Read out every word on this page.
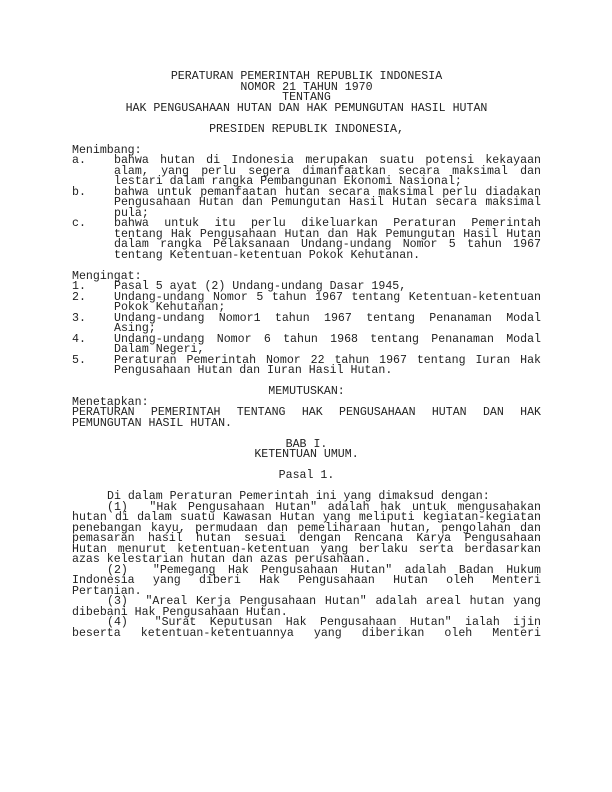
PERATURAN PEMERINTAH REPUBLIK INDONESIA
NOMOR 21 TAHUN 1970
TENTANG
HAK PENGUSAHAAN HUTAN DAN HAK PEMUNGUTAN HASIL HUTAN
PRESIDEN REPUBLIK INDONESIA,
Menimbang:
a.	bahwa hutan di Indonesia merupakan suatu potensi kekayaan
alam, yang perlu segera dimanfaatkan secara maksimal dan
lestari dalam rangka Pembangunan Ekonomi Nasional;
b.	bahwa untuk pemanfaatan hutan secara maksimal perlu diadakan
Pengusahaan Hutan dan Pemungutan Hasil Hutan secara maksimal
pula;
c.	bahwa untuk itu perlu dikeluarkan Peraturan Pemerintah
tentang Hak Pengusahaan Hutan dan Hak Pemungutan Hasil Hutan
dalam rangka Pelaksanaan Undang-undang Nomor 5 tahun 1967
tentang Ketentuan-ketentuan Pokok Kehutanan.
Mengingat:
1.	Pasal 5 ayat (2) Undang-undang Dasar 1945,
2.	Undang-undang Nomor 5 tahun 1967 tentang Ketentuan-ketentuan
Pokok Kehutanan;
3.	Undang-undang Nomor1 tahun 1967 tentang Penanaman Modal
Asing;
4.	Undang-undang Nomor 6 tahun 1968 tentang Penanaman Modal
Dalam Negeri,
5.	Peraturan Pemerintah Nomor 22 tahun 1967 tentang Iuran Hak
Pengusahaan Hutan dan Iuran Hasil Hutan.
MEMUTUSKAN:
Menetapkan:
PERATURAN PEMERINTAH TENTANG HAK PENGUSAHAAN HUTAN DAN HAK
PEMUNGUTAN HASIL HUTAN.
BAB I.
KETENTUAN UMUM.
Pasal 1.
Di dalam Peraturan Pemerintah ini yang dimaksud dengan:
(1)  "Hak Pengusahaan Hutan" adalah hak untuk mengusahakan
hutan di dalam suatu Kawasan Hutan yang meliputi kegiatan-kegiatan
penebangan kayu, permudaan dan pemeliharaan hutan, pengolahan dan
pemasaran hasil hutan sesuai dengan Rencana Karya Pengusahaan
Hutan menurut ketentuan-ketentuan yang berlaku serta berdasarkan
azas kelestarian hutan dan azas perusahaan.
(2)  "Pemegang Hak Pengusahaan Hutan" adalah Badan Hukum
Indonesia yang diberi Hak Pengusahaan Hutan oleh Menteri
Pertanian.
(3)  "Areal Kerja Pengusahaan Hutan" adalah areal hutan yang
dibebani Hak Pengusahaan Hutan.
(4)  "Surat Keputusan Hak Pengusahaan Hutan" ialah ijin
beserta ketentuan-ketentuannya yang diberikan oleh Menteri
